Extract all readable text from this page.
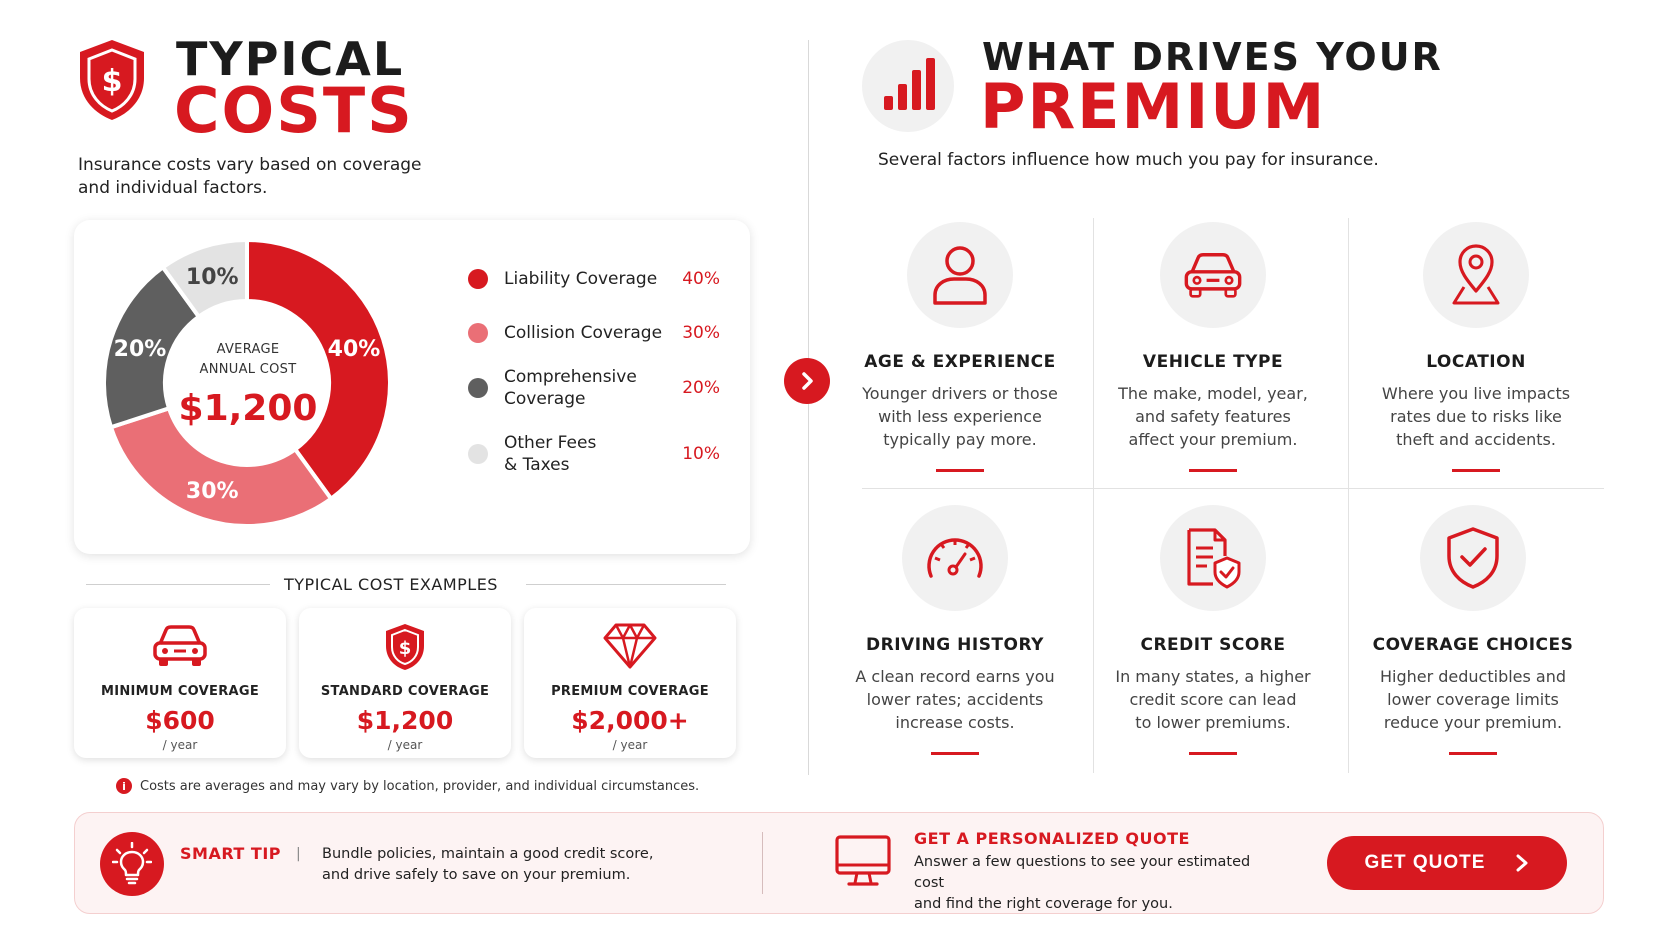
$ TYPICAL
COSTS
Insurance costs vary based on coverage and individual factors.
40%
30%
20%
10%
AVERAGE ANNUAL COST
$1,200
Liability Coverage	40%
Collision Coverage	30%
Comprehensive
Coverage
20%
Other Fees
& Taxes
10%
TYPICAL COST EXAMPLES
MINIMUM COVERAGE
$600
/ year
$
STANDARD COVERAGE
$1,200
/ year
PREMIUM COVERAGE
$2,000+
/ year
i	Costs are averages and may vary by location, provider, and individual circumstances.
WHAT DRIVES YOUR
PREMIUM
Several factors influence how much you pay for insurance.
AGE & EXPERIENCE
Younger drivers or those
with less experience
typically pay more.
VEHICLE TYPE
The make, model, year,
and safety features
affect your premium.
LOCATION
Where you live impacts
rates due to risks like
theft and accidents.
DRIVING HISTORY
A clean record earns you
lower rates; accidents
increase costs.
CREDIT SCORE
In many states, a higher
credit score can lead
to lower premiums.
COVERAGE CHOICES
Higher deductibles and
lower coverage limits
reduce your premium.
SMART TIP | Bundle policies, maintain a good credit score,
and drive safely to save on your premium.
GET A PERSONALIZED QUOTE
Answer a few questions to see your estimated cost
and find the right coverage for you.
GET QUOTE
